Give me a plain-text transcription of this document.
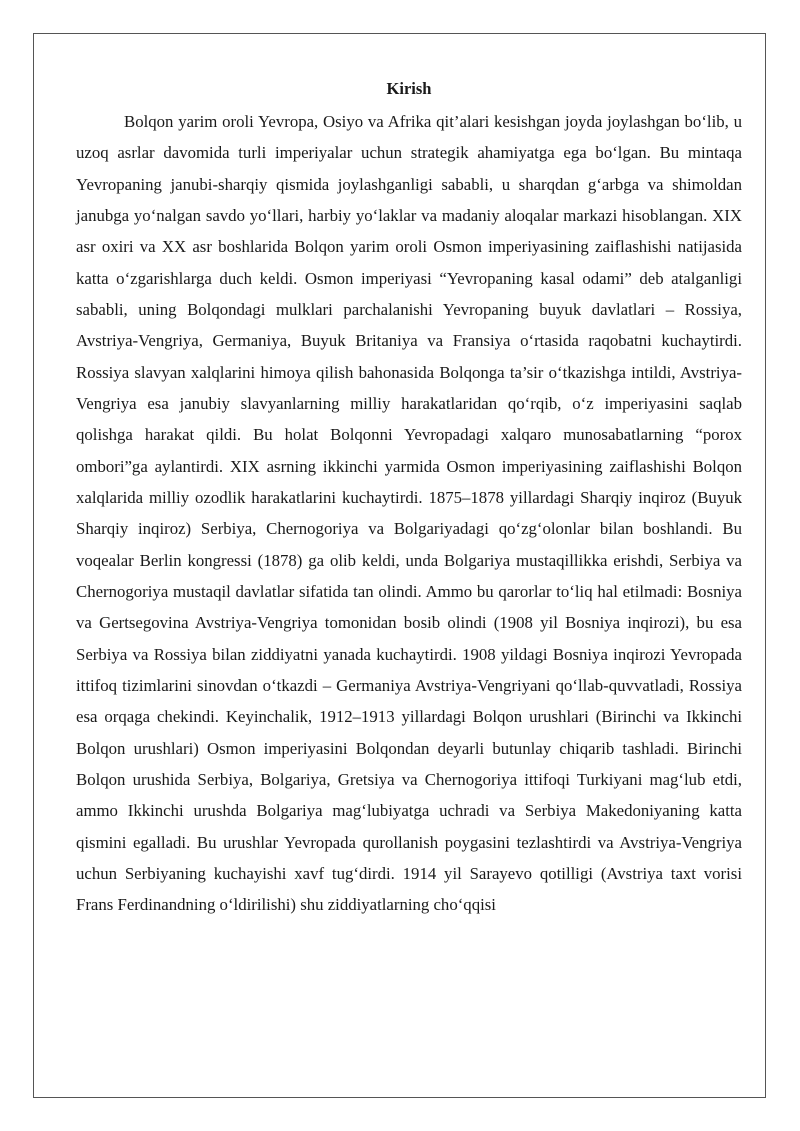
Kirish

Bolqon yarim oroli Yevropa, Osiyo va Afrika qit’alari kesishgan joyda joylashgan bo‘lib, u uzoq asrlar davomida turli imperiyalar uchun strategik ahamiyatga ega bo‘lgan. Bu mintaqa Yevropaning janubi-sharqiy qismida joylashganligi sababli, u sharqdan g‘arbga va shimoldan janubga yo‘nalgan savdo yo‘llari, harbiy yo‘laklar va madaniy aloqalar markazi hisoblangan. XIX asr oxiri va XX asr boshlarida Bolqon yarim oroli Osmon imperiyasining zaiflashishi natijasida katta o‘zgarishlarga duch keldi. Osmon imperiyasi “Yevropaning kasal odami” deb atalganligi sababli, uning Bolqondagi mulklari parchalanishi Yevropaning buyuk davlatlari – Rossiya, Avstriya-Vengriya, Germaniya, Buyuk Britaniya va Fransiya o‘rtasida raqobatni kuchaytirdi. Rossiya slavyan xalqlarini himoya qilish bahonasida Bolqonga ta’sir o‘tkazishga intildi, Avstriya-Vengriya esa janubiy slavyanlarning milliy harakatlaridan qo‘rqib, o‘z imperiyasini saqlab qolishga harakat qildi. Bu holat Bolqonni Yevropadagi xalqaro munosabatlarning “porox ombori”ga aylantirdi. XIX asrning ikkinchi yarmida Osmon imperiyasining zaiflashishi Bolqon xalqlarida milliy ozodlik harakatlarini kuchaytirdi. 1875–1878 yillardagi Sharqiy inqiroz (Buyuk Sharqiy inqiroz) Serbiya, Chernogoriya va Bolgariyadagi qo‘zg‘olonlar bilan boshlandi. Bu voqealar Berlin kongressi (1878) ga olib keldi, unda Bolgariya mustaqillikka erishdi, Serbiya va Chernogoriya mustaqil davlatlar sifatida tan olindi. Ammo bu qarorlar to‘liq hal etilmadi: Bosniya va Gertsegovina Avstriya-Vengriya tomonidan bosib olindi (1908 yil Bosniya inqirozi), bu esa Serbiya va Rossiya bilan ziddiyatni yanada kuchaytirdi. 1908 yildagi Bosniya inqirozi Yevropada ittifoq tizimlarini sinovdan o‘tkazdi – Germaniya Avstriya-Vengriyani qo‘llab-quvvatladi, Rossiya esa orqaga chekindi. Keyinchalik, 1912–1913 yillardagi Bolqon urushlari (Birinchi va Ikkinchi Bolqon urushlari) Osmon imperiyasini Bolqondan deyarli butunlay chiqarib tashladi. Birinchi Bolqon urushida Serbiya, Bolgariya, Gretsiya va Chernogoriya ittifoqi Turkiyani mag‘lub etdi, ammo Ikkinchi urushda Bolgariya mag‘lubiyatga uchradi va Serbiya Makedoniyaning katta qismini egalladi. Bu urushlar Yevropada qurollanish poygasini tezlashtirdi va Avstriya-Vengriya uchun Serbiyaning kuchayishi xavf tug‘dirdi. 1914 yil Sarayevo qotilligi (Avstriya taxt vorisi Frans Ferdinandning o‘ldirilishi) shu ziddiyatlarning cho‘qqisi
